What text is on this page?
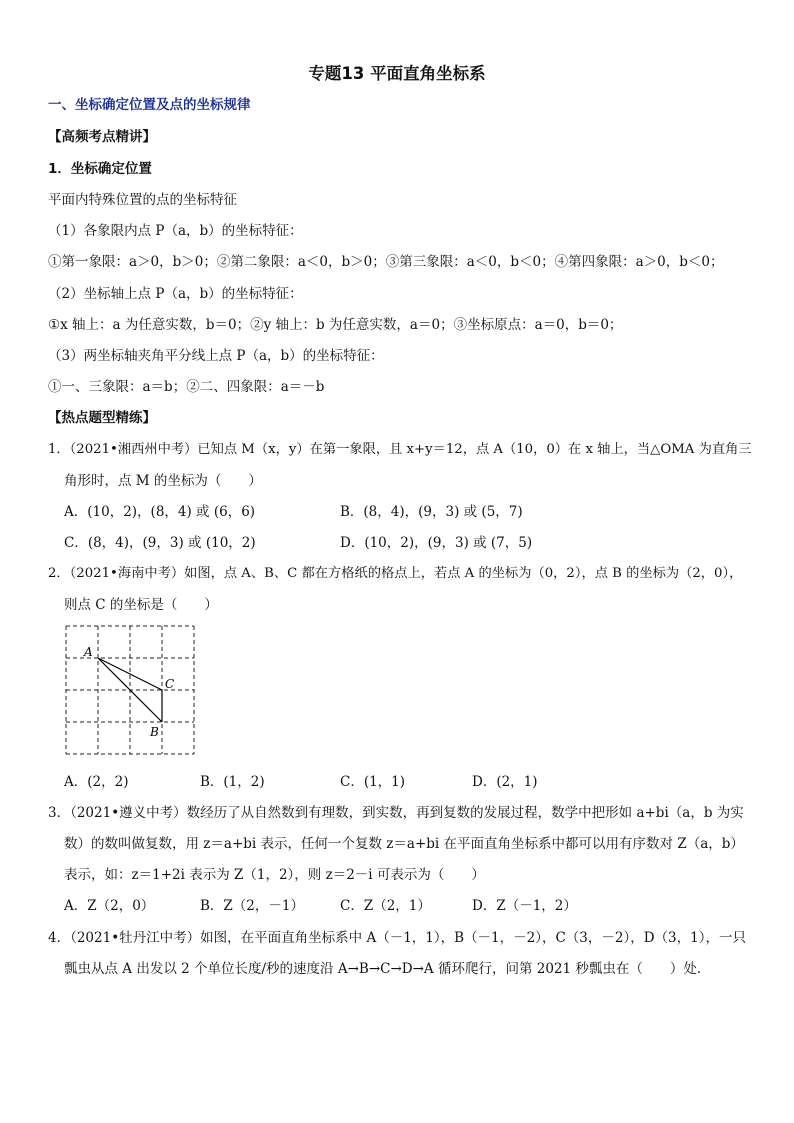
专题13 平面直角坐标系
一、坐标确定位置及点的坐标规律
【高频考点精讲】
1．坐标确定位置
平面内特殊位置的点的坐标特征
（1）各象限内点 P（a，b）的坐标特征：
①第一象限：a＞0，b＞0；②第二象限：a＜0，b＞0；③第三象限：a＜0，b＜0；④第四象限：a＞0，b＜0；
（2）坐标轴上点 P（a，b）的坐标特征：
①x 轴上：a 为任意实数，b＝0；②y 轴上：b 为任意实数，a＝0；③坐标原点：a＝0，b＝0；
（3）两坐标轴夹角平分线上点 P（a，b）的坐标特征：
①一、三象限：a＝b；②二、四象限：a＝－b
【热点题型精练】
1．（2021•湘西州中考）已知点 M（x，y）在第一象限，且 x+y＝12，点 A（10，0）在 x 轴上，当△OMA 为直角三
角形时，点 M 的坐标为（　　）
A．(10，2)，(8，4) 或 (6，6)	B．(8，4)，(9，3) 或 (5，7)
C．(8，4)，(9，3) 或 (10，2)	D．(10，2)，(9，3) 或 (7，5)
2．（2021•海南中考）如图，点 A、B、C 都在方格纸的格点上，若点 A 的坐标为（0，2），点 B 的坐标为（2，0），
则点 C 的坐标是（　　）
A
C
B
A．(2，2)	B．(1，2)	C．(1，1)	D．(2，1)
3．（2021•遵义中考）数经历了从自然数到有理数，到实数，再到复数的发展过程，数学中把形如 a+bi（a，b 为实
数）的数叫做复数，用 z＝a+bi 表示，任何一个复数 z＝a+bi 在平面直角坐标系中都可以用有序数对 Z（a，b）
表示，如：z＝1+2i 表示为 Z（1，2），则 z＝2－i 可表示为（　　）
A．Z（2，0）	B．Z（2，－1）	C．Z（2，1）	D．Z（－1，2）
4．（2021•牡丹江中考）如图，在平面直角坐标系中 A（－1，1），B（－1，－2），C（3，－2），D（3，1），一只
瓢虫从点 A 出发以 2 个单位长度/秒的速度沿 A→B→C→D→A 循环爬行，问第 2021 秒瓢虫在（　　）处．
